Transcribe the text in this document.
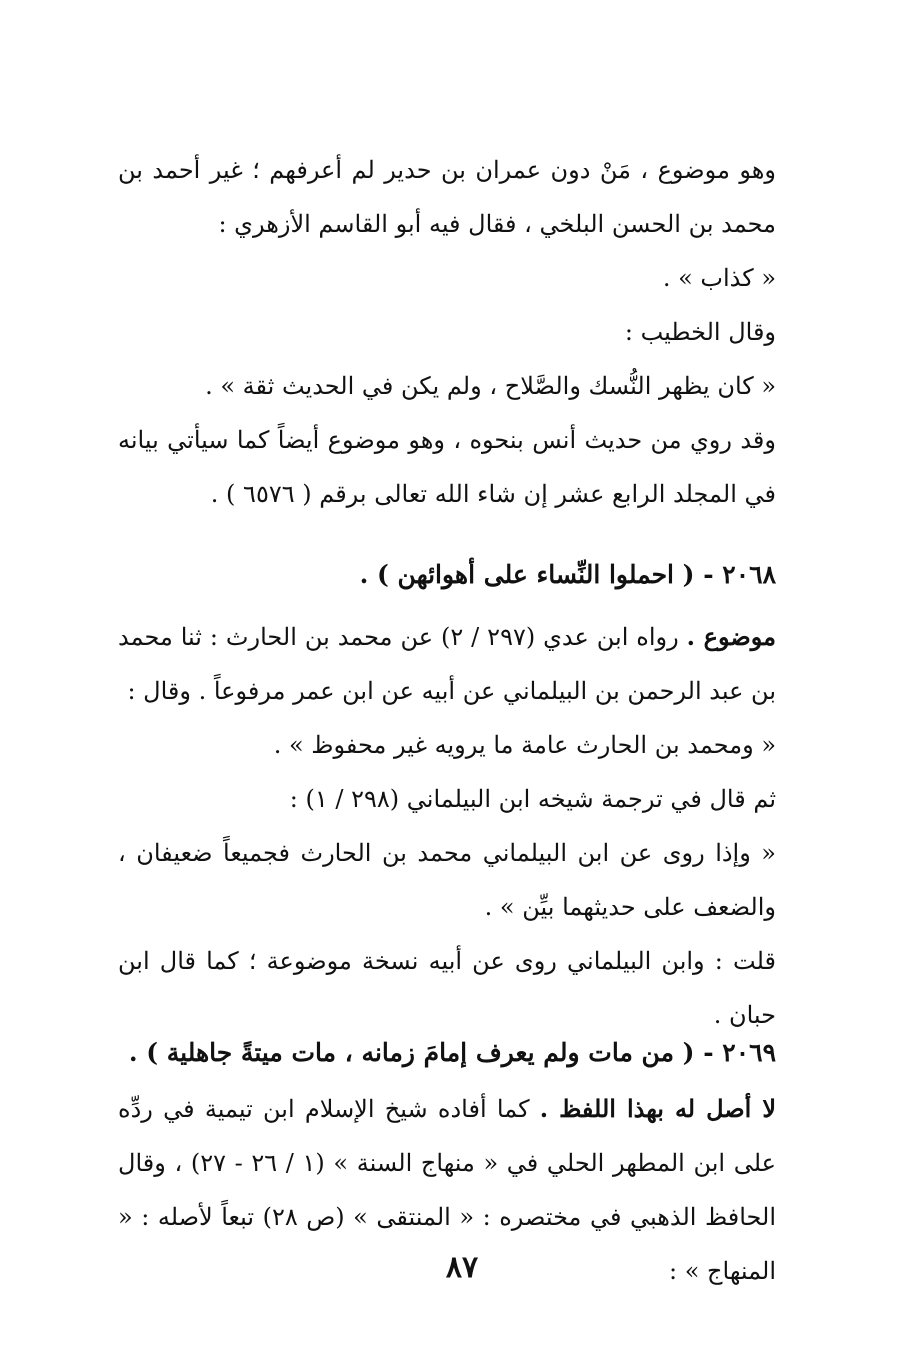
وهو موضوع ، مَنْ دون عمران بن حدير لم أعرفهم ؛ غير أحمد بن محمد بن الحسن البلخي ، فقال فيه أبو القاسم الأزهري :

« كذاب » .

وقال الخطيب :

« كان يظهر النُّسك والصَّلاح ، ولم يكن في الحديث ثقة » .

وقد روي من حديث أنس بنحوه ، وهو موضوع أيضاً كما سيأتي بيانه في المجلد الرابع عشر إن شاء الله تعالى برقم ( ٦٥٧٦ ) .

٢٠٦٨ - ( احملوا النِّساء على أهوائهن ) .

موضوع . رواه ابن عدي (٢٩٧ / ٢) عن محمد بن الحارث : ثنا محمد بن عبد الرحمن بن البيلماني عن أبيه عن ابن عمر مرفوعاً . وقال :

« ومحمد بن الحارث عامة ما يرويه غير محفوظ » .

ثم قال في ترجمة شيخه ابن البيلماني (٢٩٨ / ١) :

« وإذا روى عن ابن البيلماني محمد بن الحارث فجميعاً ضعيفان ، والضعف على حديثهما بيِّن » .

قلت : وابن البيلماني روى عن أبيه نسخة موضوعة ؛ كما قال ابن حبان .

٢٠٦٩ - ( من مات ولم يعرف إمامَ زمانه ، مات ميتةً جاهلية ) .

لا أصل له بهذا اللفظ . كما أفاده شيخ الإسلام ابن تيمية في ردِّه على ابن المطهر الحلي في « منهاج السنة » (١ / ٢٦ - ٢٧) ، وقال الحافظ الذهبي في مختصره : « المنتقى » (ص ٢٨) تبعاً لأصله : « المنهاج » :

٨٧
